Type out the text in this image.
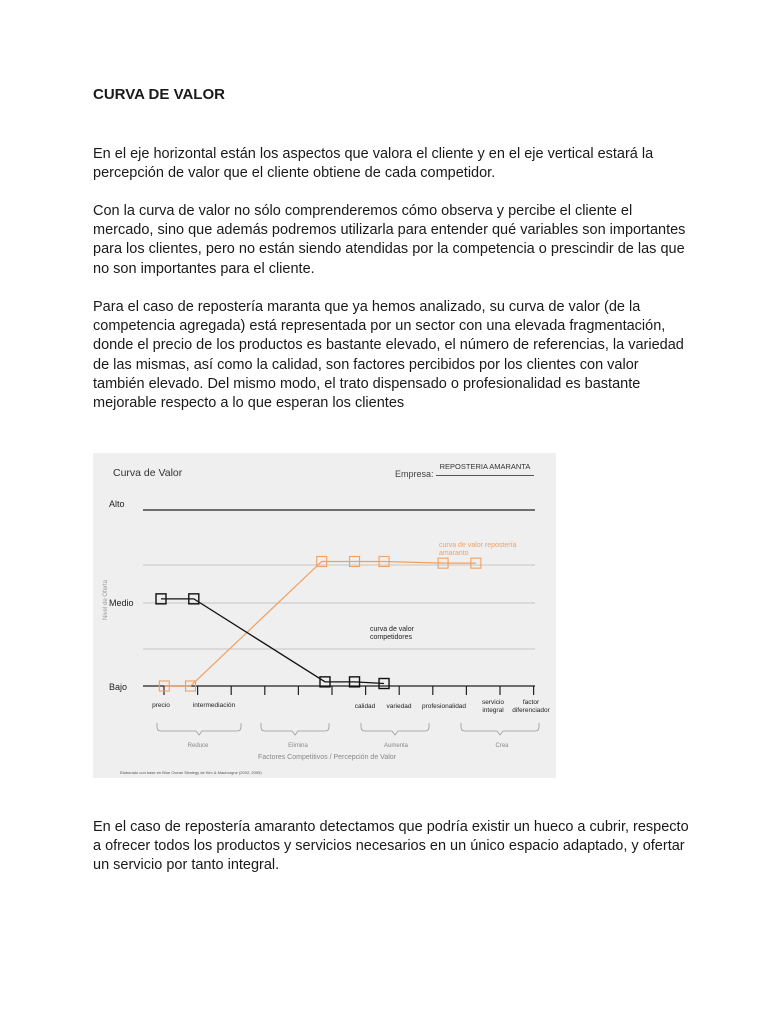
CURVA DE VALOR

En el eje horizontal están los aspectos que valora el cliente y en el eje vertical estará la percepción de valor que el cliente obtiene de cada competidor.

Con la curva de valor no sólo comprenderemos cómo observa y percibe el cliente el mercado, sino que además podremos utilizarla para entender qué variables son importantes para los clientes, pero no están siendo atendidas por la competencia o prescindir de las que no son importantes para el cliente.

Para el caso de repostería maranta que ya hemos analizado, su curva de valor (de la competencia agregada) está representada por un sector con una elevada fragmentación, donde el precio de los productos es bastante elevado, el número de referencias, la variedad de las mismas, así como la calidad, son factores percibidos por los clientes con valor también elevado. Del mismo modo, el trato dispensado o profesionalidad es bastante mejorable respecto a lo que esperan los clientes

En el caso de repostería amaranto detectamos que podría existir un hueco a cubrir, respecto a ofrecer todos los productos y servicios necesarios en un único espacio adaptado, y ofertar un servicio por tanto integral.

Curva de Valor	Empresa:
REPOSTERIA AMARANTA
Alto
Medio
Bajo
Nivel de Oferta
precio	intermediación	calidad	variedad	profesionalidad
servicio
integral
factor
diferenciador
Reduce	Elimina	Aumenta	Crea
Factores Competitivos / Percepción de Valor
Elaborado con base en Blue Ocean Strategy de Kim & Mauborgne (2002, 2005)
curva de valor repostería
amaranto
curva de valor
competidores
